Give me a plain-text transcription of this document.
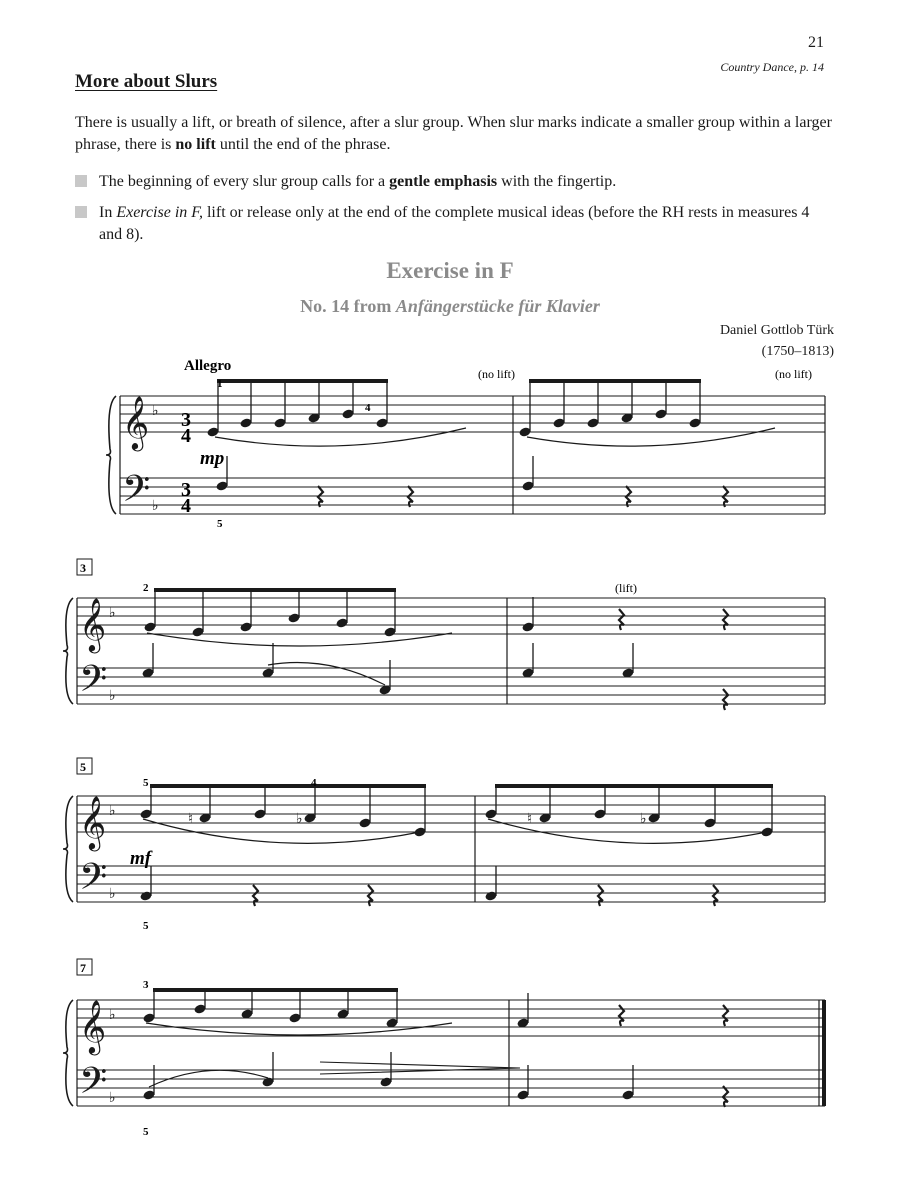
21
Country Dance, p. 14
More about Slurs
There is usually a lift, or breath of silence, after a slur group. When slur marks indicate a smaller group within a larger phrase, there is no lift until the end of the phrase.
The beginning of every slur group calls for a gentle emphasis with the fingertip.
In Exercise in F, lift or release only at the end of the complete musical ideas (before the RH rests in measures 4 and 8).
Exercise in F
No. 14 from Anfängerstücke für Klavier
Daniel Gottlob Türk
(1750–1813)
𝄞
𝄢
♭
♭
𝄞
𝄢
♭
♭
𝄞
𝄢
♭
♭
♮	♭	♮	♭
𝄞
𝄢
♭
♭
Allegro	(no lift)	(no lift)
(lift)
mp
mf
1
4
5
2
5	4
5
3
5
3
5
7
3
4
3
4
